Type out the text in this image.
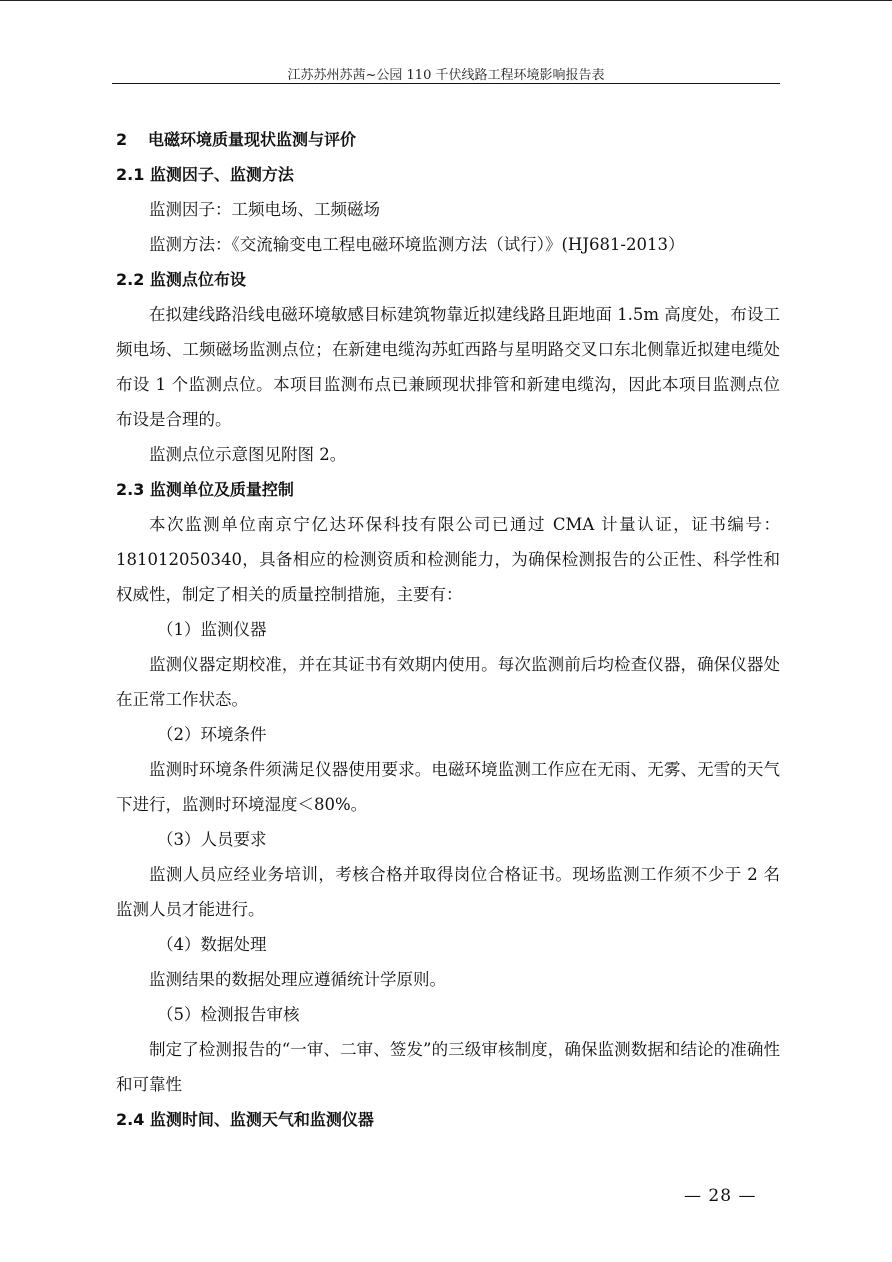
江苏苏州苏茜~公园 110 千伏线路工程环境影响报告表

2 电磁环境质量现状监测与评价

2.1 监测因子、监测方法

监测因子：工频电场、工频磁场

监测方法：《交流输变电工程电磁环境监测方法（试行）》(HJ681-2013）

2.2 监测点位布设

在拟建线路沿线电磁环境敏感目标建筑物靠近拟建线路且距地面 1.5m 高度处，布设工频电场、工频磁场监测点位；在新建电缆沟苏虹西路与星明路交叉口东北侧靠近拟建电缆处布设 1 个监测点位。本项目监测布点已兼顾现状排管和新建电缆沟，因此本项目监测点位布设是合理的。

监测点位示意图见附图 2。

2.3 监测单位及质量控制

本次监测单位南京宁亿达环保科技有限公司已通过 CMA 计量认证，证书编号：181012050340，具备相应的检测资质和检测能力，为确保检测报告的公正性、科学性和权威性，制定了相关的质量控制措施，主要有：

（1）监测仪器

监测仪器定期校准，并在其证书有效期内使用。每次监测前后均检查仪器，确保仪器处在正常工作状态。

（2）环境条件

监测时环境条件须满足仪器使用要求。电磁环境监测工作应在无雨、无雾、无雪的天气下进行，监测时环境湿度＜80%。

（3）人员要求

监测人员应经业务培训，考核合格并取得岗位合格证书。现场监测工作须不少于 2 名监测人员才能进行。

（4）数据处理

监测结果的数据处理应遵循统计学原则。

（5）检测报告审核

制定了检测报告的“一审、二审、签发”的三级审核制度，确保监测数据和结论的准确性和可靠性

2.4 监测时间、监测天气和监测仪器

— 28 —
